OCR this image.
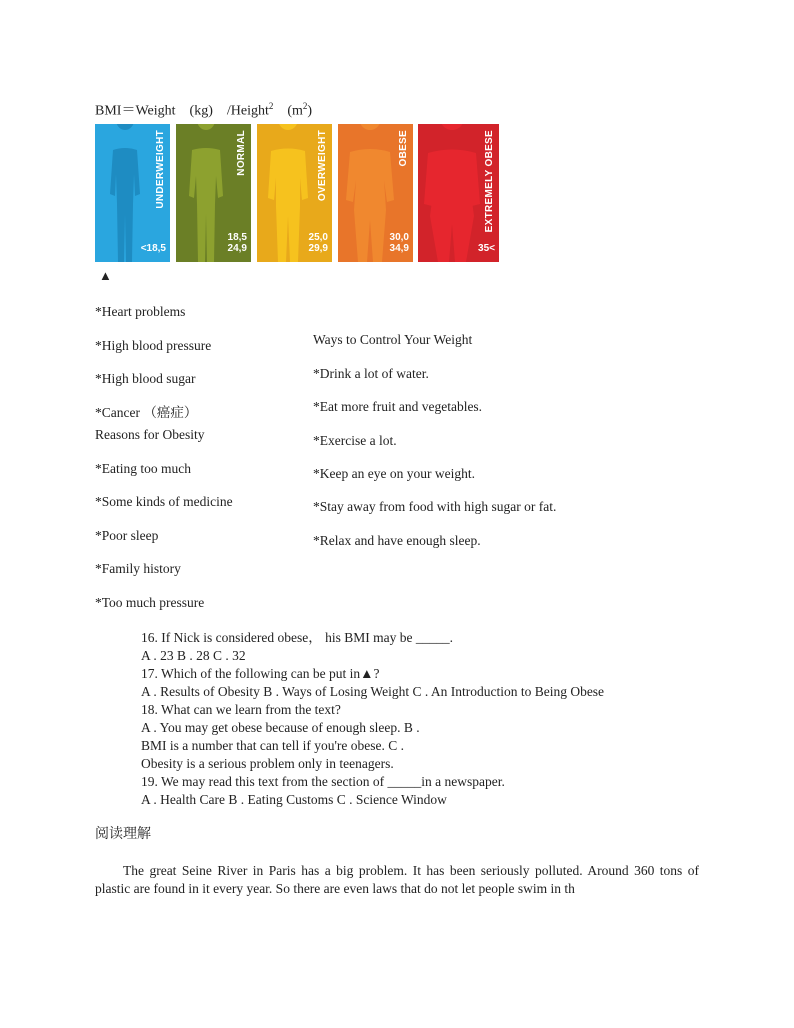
BMI＝Weight　(kg)　/Height$^2$　$(m^2)$
UNDERWEIGHT
<18,5
NORMAL
18,5
24,9
OVERWEIGHT
25,0
29,9
OBESE
30,0
34,9
EXTREMELY OBESE
35<
▲
*Heart problems
*High blood pressure
*High blood sugar
*Cancer （癌症）
Reasons for Obesity
*Eating too much
*Some kinds of medicine
*Poor sleep
*Family history
*Too much pressure
Ways to Control Your Weight
*Drink a lot of water.
*Eat more fruit and vegetables.
*Exercise a lot.
*Keep an eye on your weight.
*Stay away from food with high sugar or fat.
*Relax and have enough sleep.
16. If Nick is considered obese， his BMI may be _____.
A . 23 B . 28 C . 32
17. Which of the following can be put in▲?
A . Results of Obesity B . Ways of Losing Weight C . An Introduction to Being Obese
18. What can we learn from the text?
A . You may get obese because of enough sleep. B .
BMI is a number that can tell if you're obese. C .
Obesity is a serious problem only in teenagers.
19. We may read this text from the section of _____in a newspaper.
A . Health Care B . Eating Customs C . Science Window
阅读理解
The great Seine River in Paris has a big problem. It has been seriously polluted. Around 360 tons of plastic are found in it every year. So there are even laws that do not let people swim in th
